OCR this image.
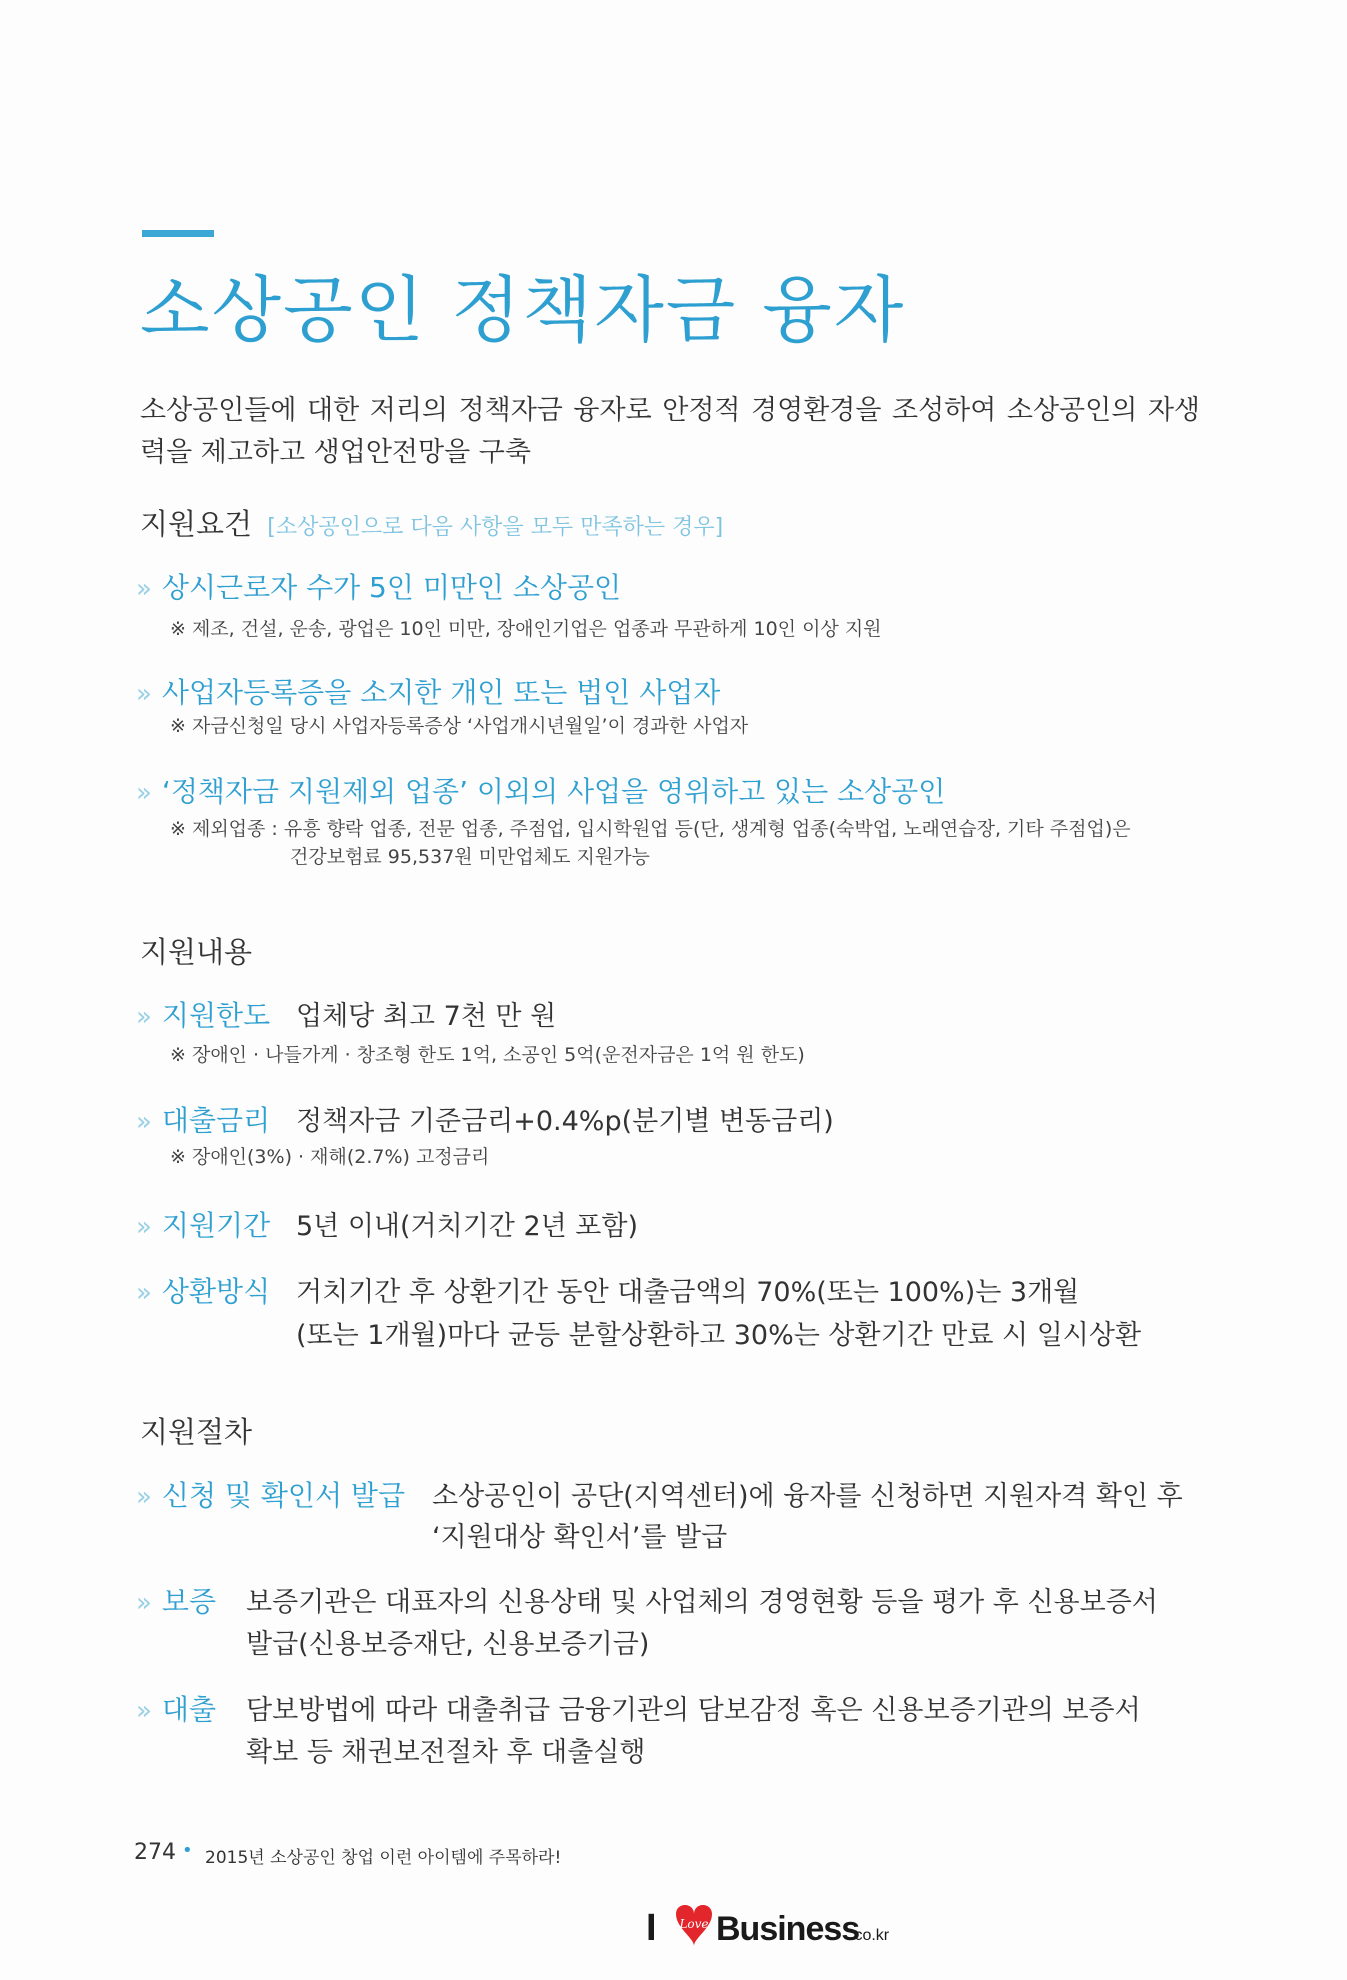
소상공인 정책자금 융자

소상공인들에 대한 저리의 정책자금 융자로 안정적 경영환경을 조성하여 소상공인의 자생력을 제고하고 생업안전망을 구축

지원요건 [소상공인으로 다음 사항을 모두 만족하는 경우]
» 상시근로자 수가 5인 미만인 소상공인
※ 제조, 건설, 운송, 광업은 10인 미만, 장애인기업은 업종과 무관하게 10인 이상 지원
» 사업자등록증을 소지한 개인 또는 법인 사업자
※ 자금신청일 당시 사업자등록증상 ‘사업개시년월일’이 경과한 사업자
» ‘정책자금 지원제외 업종’ 이외의 사업을 영위하고 있는 소상공인
※ 제외업종 : 유흥 향락 업종, 전문 업종, 주점업, 입시학원업 등(단, 생계형 업종(숙박업, 노래연습장, 기타 주점업)은
건강보험료 95,537원 미만업체도 지원가능
지원내용
» 지원한도 업체당 최고 7천 만 원
※ 장애인 · 나들가게 · 창조형 한도 1억, 소공인 5억(운전자금은 1억 원 한도)
» 대출금리 정책자금 기준금리+0.4%p(분기별 변동금리)
※ 장애인(3%) · 재해(2.7%) 고정금리
» 지원기간 5년 이내(거치기간 2년 포함)
» 상환방식 거치기간 후 상환기간 동안 대출금액의 70%(또는 100%)는 3개월
(또는 1개월)마다 균등 분할상환하고 30%는 상환기간 만료 시 일시상환
지원절차
» 신청 및 확인서 발급 소상공인이 공단(지역센터)에 융자를 신청하면 지원자격 확인 후
‘지원대상 확인서’를 발급
» 보증 보증기관은 대표자의 신용상태 및 사업체의 경영현황 등을 평가 후 신용보증서
발급(신용보증재단, 신용보증기금)
» 대출 담보방법에 따라 대출취급 금융기관의 담보감정 혹은 신용보증기관의 보증서
확보 등 채권보전절차 후 대출실행
274 • 2015년 소상공인 창업 이런 아이템에 주목하라!
I Love Business
.co.kr
